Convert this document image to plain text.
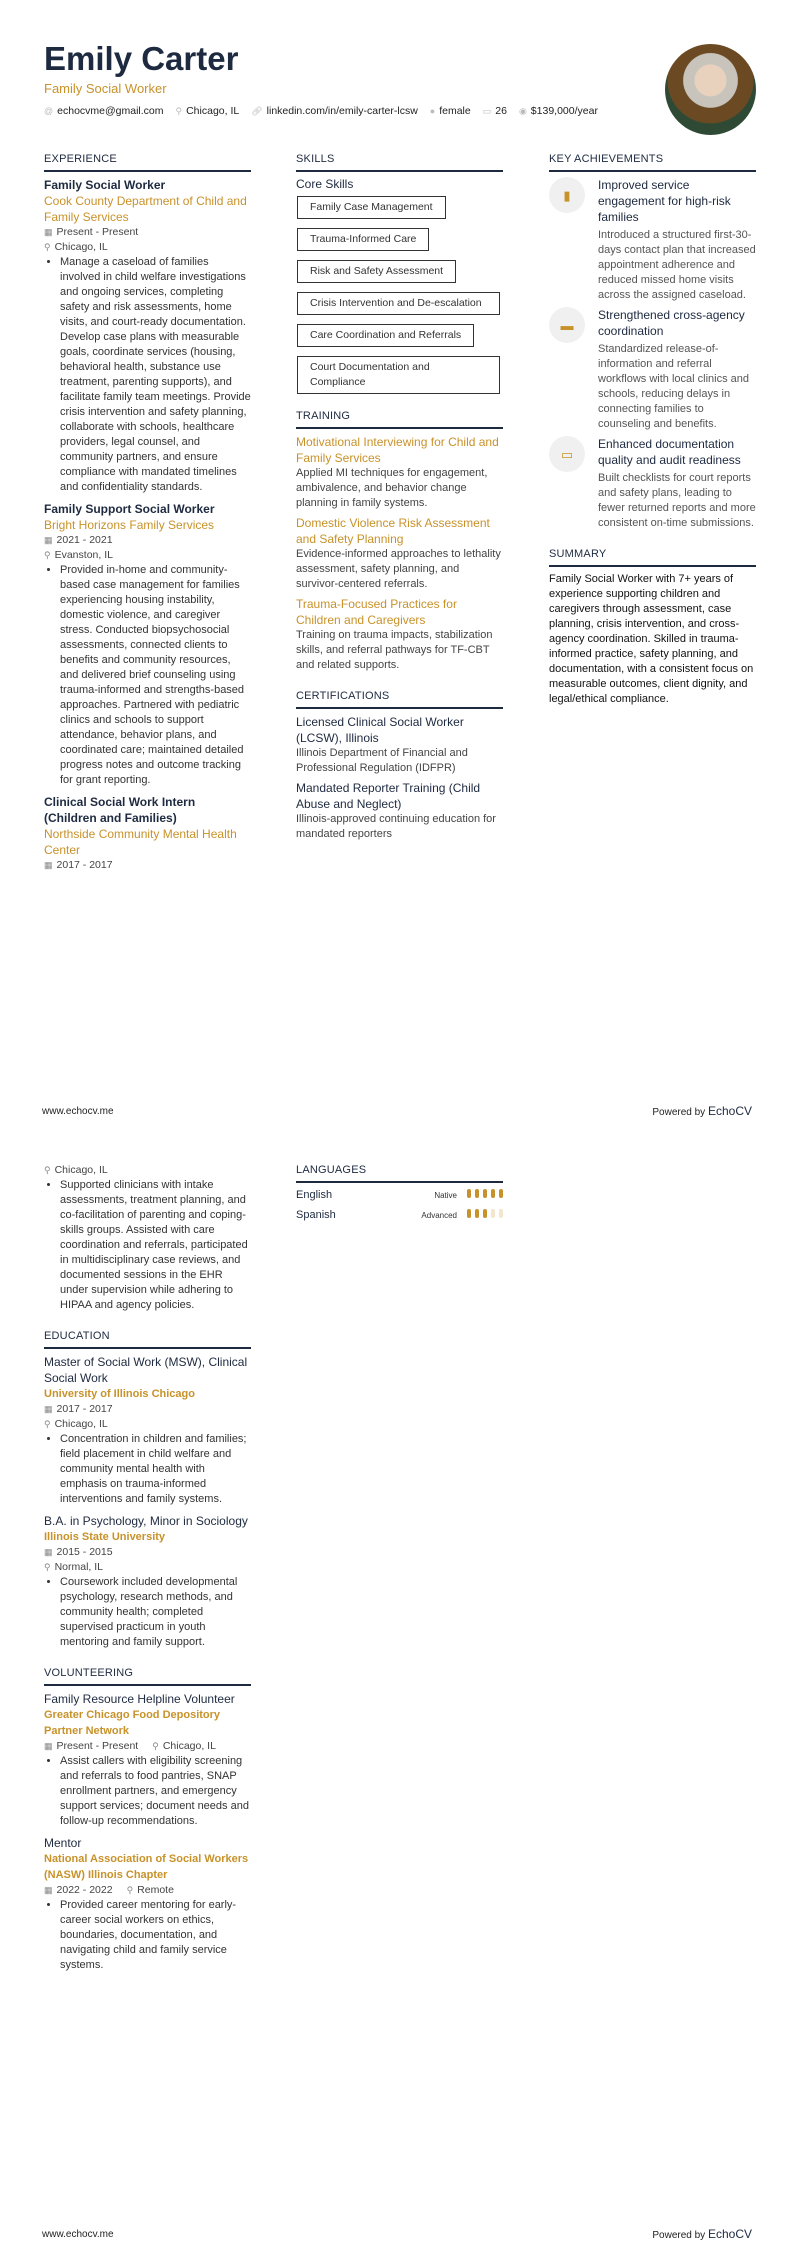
Emily Carter
Family Social Worker
@ echocvme@gmail.com ⚲ Chicago, IL 🔗︎ linkedin.com/in/emily-carter-lcsw ● female ▭ 26 ◉ $139,000/year
EXPERIENCE
Family Social Worker
Cook County Department of Child and Family Services
▦ Present - Present
⚲ Chicago, IL
• Manage a caseload of families involved in child welfare investigations and ongoing services, completing safety and risk assessments, home visits, and court-ready documentation. Develop case plans with measurable goals, coordinate services (housing, behavioral health, substance use treatment, parenting supports), and facilitate family team meetings. Provide crisis intervention and safety planning, collaborate with schools, healthcare providers, legal counsel, and community partners, and ensure compliance with mandated timelines and confidentiality standards.
Family Support Social Worker
Bright Horizons Family Services
▦ 2021 - 2021
⚲ Evanston, IL
• Provided in-home and community-based case management for families experiencing housing instability, domestic violence, and caregiver stress. Conducted biopsychosocial assessments, connected clients to benefits and community resources, and delivered brief counseling using trauma-informed and strengths-based approaches. Partnered with pediatric clinics and schools to support attendance, behavior plans, and coordinated care; maintained detailed progress notes and outcome tracking for grant reporting.
Clinical Social Work Intern (Children and Families)
Northside Community Mental Health Center
▦ 2017 - 2017
SKILLS
Core Skills
Family Case Management
Trauma-Informed Care
Risk and Safety Assessment
Crisis Intervention and De-escalation
Care Coordination and Referrals
Court Documentation and Compliance
TRAINING
Motivational Interviewing for Child and Family Services
Applied MI techniques for engagement, ambivalence, and behavior change planning in family systems.
Domestic Violence Risk Assessment and Safety Planning
Evidence-informed approaches to lethality assessment, safety planning, and survivor-centered referrals.
Trauma-Focused Practices for Children and Caregivers
Training on trauma impacts, stabilization skills, and referral pathways for TF-CBT and related supports.
CERTIFICATIONS
Licensed Clinical Social Worker (LCSW), Illinois
Illinois Department of Financial and Professional Regulation (IDFPR)
Mandated Reporter Training (Child Abuse and Neglect)
Illinois-approved continuing education for mandated reporters
KEY ACHIEVEMENTS
▮
Improved service engagement for high-risk families
Introduced a structured first-30-days contact plan that increased appointment adherence and reduced missed home visits across the assigned caseload.
▬
Strengthened cross-agency coordination
Standardized release-of-information and referral workflows with local clinics and schools, reducing delays in connecting families to counseling and benefits.
▭
Enhanced documentation quality and audit readiness
Built checklists for court reports and safety plans, leading to fewer returned reports and more consistent on-time submissions.
SUMMARY
Family Social Worker with 7+ years of experience supporting children and caregivers through assessment, case planning, crisis intervention, and cross-agency coordination. Skilled in trauma-informed practice, safety planning, and documentation, with a consistent focus on measurable outcomes, client dignity, and legal/ethical compliance.
www.echocv.me	Powered by EchoCV
⚲ Chicago, IL
• Supported clinicians with intake assessments, treatment planning, and co-facilitation of parenting and coping-skills groups. Assisted with care coordination and referrals, participated in multidisciplinary case reviews, and documented sessions in the EHR under supervision while adhering to HIPAA and agency policies.
EDUCATION
Master of Social Work (MSW), Clinical Social Work
University of Illinois Chicago
▦ 2017 - 2017
⚲ Chicago, IL
• Concentration in children and families; field placement in child welfare and community mental health with emphasis on trauma-informed interventions and family systems.
B.A. in Psychology, Minor in Sociology
Illinois State University
▦ 2015 - 2015
⚲ Normal, IL
• Coursework included developmental psychology, research methods, and community health; completed supervised practicum in youth mentoring and family support.
VOLUNTEERING
Family Resource Helpline Volunteer
Greater Chicago Food Depository Partner Network
▦ Present - Present ⚲ Chicago, IL
• Assist callers with eligibility screening and referrals to food pantries, SNAP enrollment partners, and emergency support services; document needs and follow-up recommendations.
Mentor
National Association of Social Workers (NASW) Illinois Chapter
▦ 2022 - 2022 ⚲ Remote
• Provided career mentoring for early-career social workers on ethics, boundaries, documentation, and navigating child and family service systems.
LANGUAGES
English	Native
Spanish	Advanced
www.echocv.me	Powered by EchoCV
